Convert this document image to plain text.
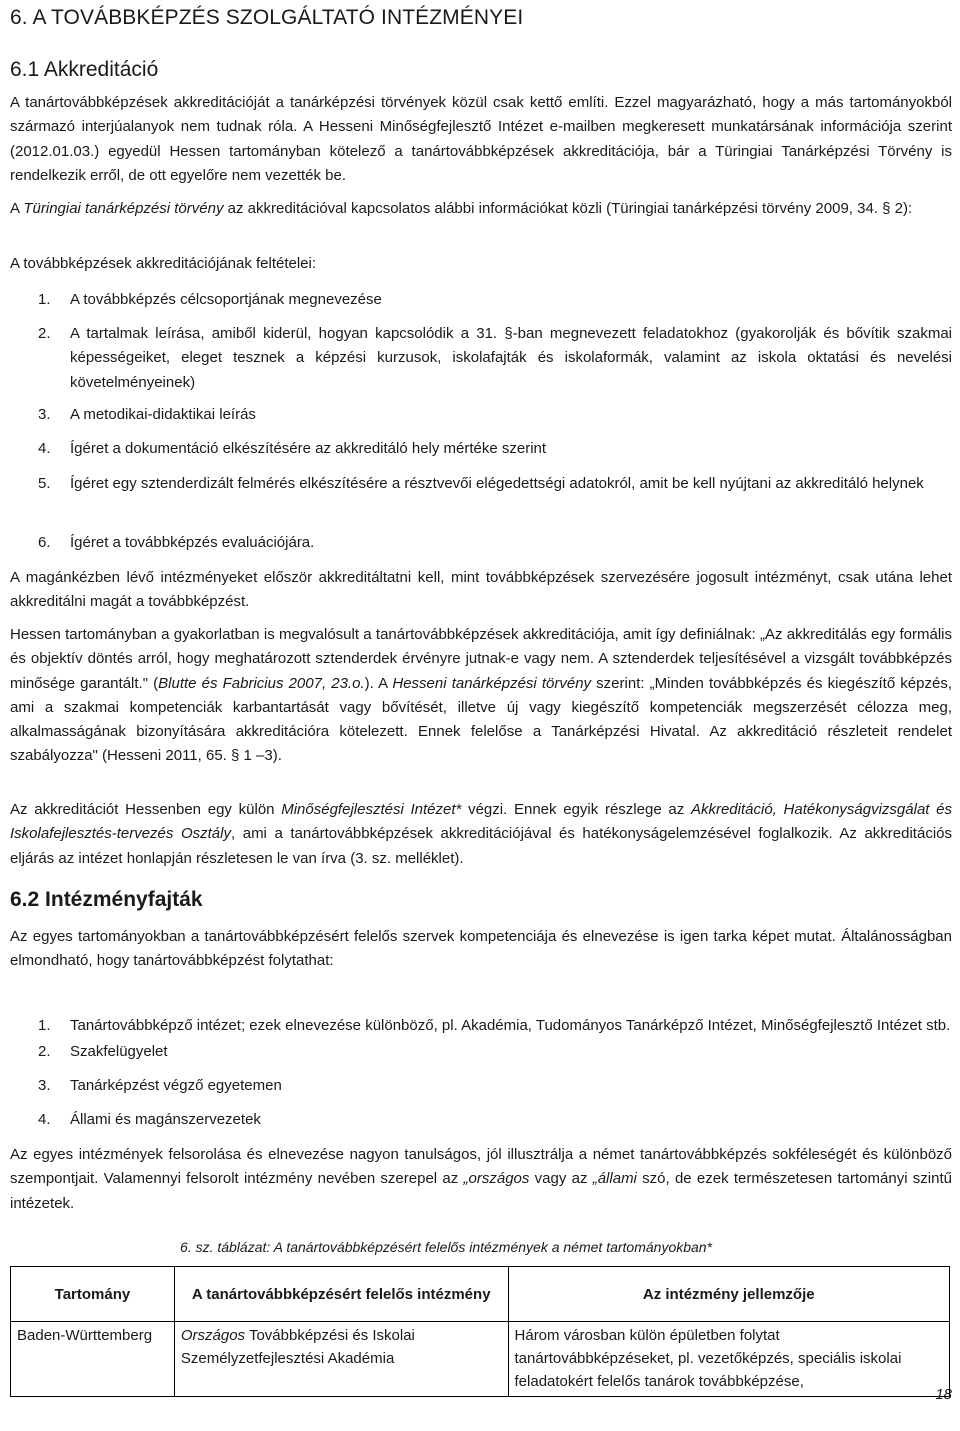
6. A TOVÁBBKÉPZÉS SZOLGÁLTATÓ INTÉZMÉNYEI
6.1 Akkreditáció

A tanártovábbképzések akkreditációját a tanárképzési törvények közül csak kettő említi. Ezzel magyarázható, hogy a más tartományokból származó interjúalanyok nem tudnak róla. A Hesseni Minőségfejlesztő Intézet e-mailben megkeresett munkatársának információja szerint (2012.01.03.) egyedül Hessen tartományban kötelező a tanártovábbképzések akkreditációja, bár a Türingiai Tanárképzési Törvény is rendelkezik erről, de ott egyelőre nem vezették be.

A Türingiai tanárképzési törvény az akkreditációval kapcsolatos alábbi információkat közli (Türingiai tanárképzési törvény 2009, 34. § 2):

A továbbképzések akkreditációjának feltételei:

1. A továbbképzés célcsoportjának megnevezése
2. A tartalmak leírása, amiből kiderül, hogyan kapcsolódik a 31. §-ban megnevezett feladatokhoz (gyakorolják és bővítik szakmai képességeiket, eleget tesznek a képzési kurzusok, iskolafajták és iskolaformák, valamint az iskola oktatási és nevelési követelményeinek)
3. A metodikai-didaktikai leírás
4. Ígéret a dokumentáció elkészítésére az akkreditáló hely mértéke szerint
5. Ígéret egy sztenderdizált felmérés elkészítésére a résztvevői elégedettségi adatokról, amit be kell nyújtani az akkreditáló helynek
6. Ígéret a továbbképzés evaluációjára.

A magánkézben lévő intézményeket először akkreditáltatni kell, mint továbbképzések szervezésére jogosult intézményt, csak utána lehet akkreditálni magát a továbbképzést.

Hessen tartományban a gyakorlatban is megvalósult a tanártovábbképzések akkreditációja, amit így definiálnak: „Az akkreditálás egy formális és objektív döntés arról, hogy meghatározott sztenderdek érvényre jutnak-e vagy nem. A sztenderdek teljesítésével a vizsgált továbbképzés minősége garantált." (Blutte és Fabricius 2007, 23.o.). A Hesseni tanárképzési törvény szerint: „Minden továbbképzés és kiegészítő képzés, ami a szakmai kompetenciák karbantartását vagy bővítését, illetve új vagy kiegészítő kompetenciák megszerzését célozza meg, alkalmasságának bizonyítására akkreditációra kötelezett. Ennek felelőse a Tanárképzési Hivatal. Az akkreditáció részleteit rendelet szabályozza" (Hesseni 2011, 65. § 1 –3).

Az akkreditációt Hessenben egy külön Minőségfejlesztési Intézet* végzi. Ennek egyik részlege az Akkreditáció, Hatékonyságvizsgálat és Iskolafejlesztés-tervezés Osztály, ami a tanártovábbképzések akkreditációjával és hatékonyságelemzésével foglalkozik. Az akkreditációs eljárás az intézet honlapján részletesen le van írva (3. sz. melléklet).

6.2 Intézményfajták

Az egyes tartományokban a tanártovábbképzésért felelős szervek kompetenciája és elnevezése is igen tarka képet mutat. Általánosságban elmondható, hogy tanártovábbképzést folytathat:

1. Tanártovábbképző intézet; ezek elnevezése különböző, pl. Akadémia, Tudományos Tanárképző Intézet, Minőségfejlesztő Intézet stb.
2. Szakfelügyelet
3. Tanárképzést végző egyetemen
4. Állami és magánszervezetek

Az egyes intézmények felsorolása és elnevezése nagyon tanulságos, jól illusztrálja a német tanártovábbképzés sokféleségét és különböző szempontjait. Valamennyi felsorolt intézmény nevében szerepel az „országos vagy az „állami szó, de ezek természetesen tartományi szintű intézetek.

6. sz. táblázat: A tanártovábbképzésért felelős intézmények a német tartományokban*
Tartomány	A tanártovábbképzésért felelős intézmény	Az intézmény jellemzője
Baden-Württemberg	Országos Továbbképzési és Iskolai Személyzetfejlesztési Akadémia	Három városban külön épületben folytat tanártovábbképzéseket, pl. vezetőképzés, speciális iskolai feladatokért felelős tanárok továbbképzése,
18
